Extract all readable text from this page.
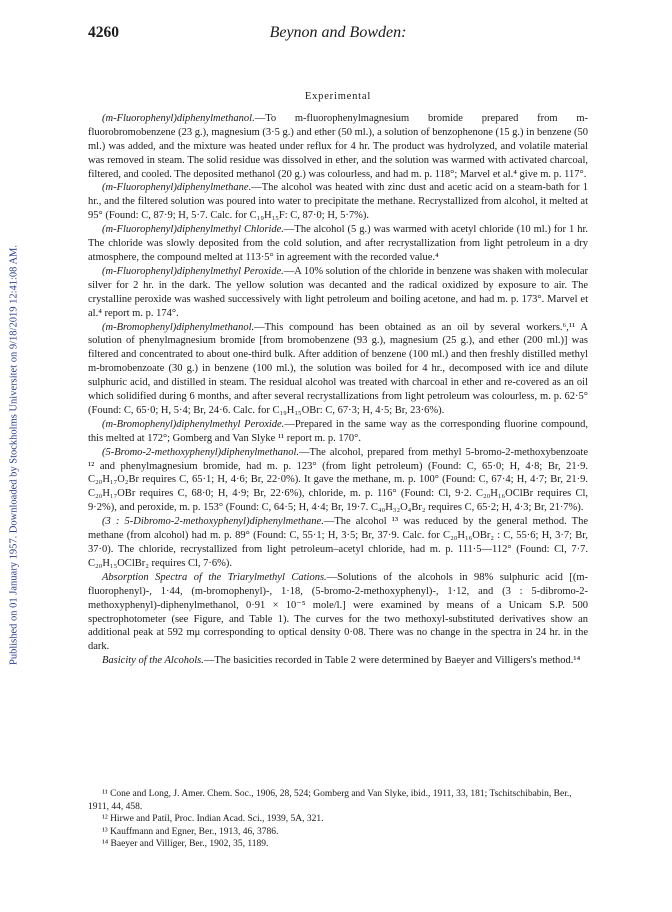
Published on 01 January 1957. Downloaded by Stockholms Universitet on 9/18/2019 12:41:08 AM.
4260	Beynon and Bowden:
Experimental

(m-Fluorophenyl)diphenylmethanol.—To m-fluorophenylmagnesium bromide prepared from m-fluorobromobenzene (23 g.), magnesium (3·5 g.) and ether (50 ml.), a solution of benzophenone (15 g.) in benzene (50 ml.) was added, and the mixture was heated under reflux for 4 hr. The product was hydrolyzed, and volatile material was removed in steam. The solid residue was dissolved in ether, and the solution was warmed with activated charcoal, filtered, and cooled. The deposited methanol (20 g.) was colourless, and had m. p. 118°; Marvel et al.⁴ give m. p. 117°.

(m-Fluorophenyl)diphenylmethane.—The alcohol was heated with zinc dust and acetic acid on a steam-bath for 1 hr., and the filtered solution was poured into water to precipitate the methane. Recrystallized from alcohol, it melted at 95° (Found: C, 87·9; H, 5·7. Calc. for C₁₉H₁₅F: C, 87·0; H, 5·7%).

(m-Fluorophenyl)diphenylmethyl Chloride.—The alcohol (5 g.) was warmed with acetyl chloride (10 ml.) for 1 hr. The chloride was slowly deposited from the cold solution, and after recrystallization from light petroleum in a dry atmosphere, the compound melted at 113·5° in agreement with the recorded value.⁴

(m-Fluorophenyl)diphenylmethyl Peroxide.—A 10% solution of the chloride in benzene was shaken with molecular silver for 2 hr. in the dark. The yellow solution was decanted and the radical oxidized by exposure to air. The crystalline peroxide was washed successively with light petroleum and boiling acetone, and had m. p. 173°. Marvel et al.⁴ report m. p. 174°.

(m-Bromophenyl)diphenylmethanol.—This compound has been obtained as an oil by several workers.⁶,¹¹ A solution of phenylmagnesium bromide [from bromobenzene (93 g.), magnesium (25 g.), and ether (200 ml.)] was filtered and concentrated to about one-third bulk. After addition of benzene (100 ml.) and then freshly distilled methyl m-bromobenzoate (30 g.) in benzene (100 ml.), the solution was boiled for 4 hr., decomposed with ice and dilute sulphuric acid, and distilled in steam. The residual alcohol was treated with charcoal in ether and re-covered as an oil which solidified during 6 months, and after several recrystallizations from light petroleum was colourless, m. p. 62·5° (Found: C, 65·0; H, 5·4; Br, 24·6. Calc. for C₁₉H₁₅OBr: C, 67·3; H, 4·5; Br, 23·6%).

(m-Bromophenyl)diphenylmethyl Peroxide.—Prepared in the same way as the corresponding fluorine compound, this melted at 172°; Gomberg and Van Slyke ¹¹ report m. p. 170°.

(5-Bromo-2-methoxyphenyl)diphenylmethanol.—The alcohol, prepared from methyl 5-bromo-2-methoxybenzoate ¹² and phenylmagnesium bromide, had m. p. 123° (from light petroleum) (Found: C, 65·0; H, 4·8; Br, 21·9. C₂₀H₁₇O₂Br requires C, 65·1; H, 4·6; Br, 22·0%). It gave the methane, m. p. 100° (Found: C, 67·4; H, 4·7; Br, 21·9. C₂₀H₁₇OBr requires C, 68·0; H, 4·9; Br, 22·6%), chloride, m. p. 116° (Found: Cl, 9·2. C₂₀H₁₆OClBr requires Cl, 9·2%), and peroxide, m. p. 153° (Found: C, 64·5; H, 4·4; Br, 19·7. C₄₀H₃₂O₄Br₂ requires C, 65·2; H, 4·3; Br, 21·7%).

(3 : 5-Dibromo-2-methoxyphenyl)diphenylmethane.—The alcohol ¹³ was reduced by the general method. The methane (from alcohol) had m. p. 89° (Found: C, 55·1; H, 3·5; Br, 37·9. Calc. for C₂₀H₁₆OBr₂ : C, 55·6; H, 3·7; Br, 37·0). The chloride, recrystallized from light petroleum–acetyl chloride, had m. p. 111·5—112° (Found: Cl, 7·7. C₂₀H₁₅OClBr₂ requires Cl, 7·6%).

Absorption Spectra of the Triarylmethyl Cations.—Solutions of the alcohols in 98% sulphuric acid [(m-fluorophenyl)-, 1·44, (m-bromophenyl)-, 1·18, (5-bromo-2-methoxyphenyl)-, 1·12, and (3 : 5-dibromo-2-methoxyphenyl)-diphenylmethanol, 0·91 × 10⁻⁵ mole/l.] were examined by means of a Unicam S.P. 500 spectrophotometer (see Figure, and Table 1). The curves for the two methoxyl-substituted derivatives show an additional peak at 592 mμ corresponding to optical density 0·08. There was no change in the spectra in 24 hr. in the dark.

Basicity of the Alcohols.—The basicities recorded in Table 2 were determined by Baeyer and Villigers's method.¹⁴

¹¹ Cone and Long, J. Amer. Chem. Soc., 1906, 28, 524; Gomberg and Van Slyke, ibid., 1911, 33, 181; Tschitschibabin, Ber., 1911, 44, 458.

¹² Hirwe and Patil, Proc. Indian Acad. Sci., 1939, 5A, 321.

¹³ Kauffmann and Egner, Ber., 1913, 46, 3786.

¹⁴ Baeyer and Villiger, Ber., 1902, 35, 1189.
